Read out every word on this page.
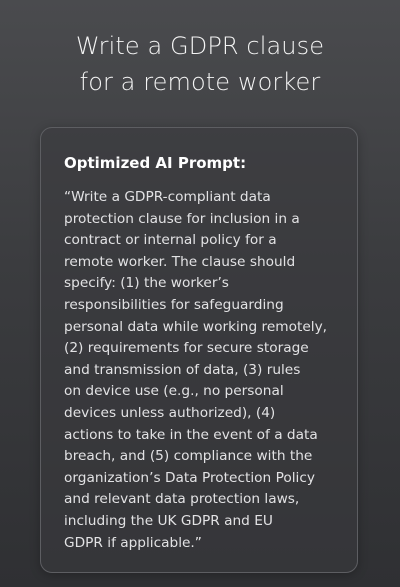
Write a GDPR clause
for a remote worker
Optimized AI Prompt:
“Write a GDPR-compliant data
protection clause for inclusion in a
contract or internal policy for a
remote worker. The clause should
specify: (1) the worker’s
responsibilities for safeguarding
personal data while working remotely,
(2) requirements for secure storage
and transmission of data, (3) rules
on device use (e.g., no personal
devices unless authorized), (4)
actions to take in the event of a data
breach, and (5) compliance with the
organization’s Data Protection Policy
and relevant data protection laws,
including the UK GDPR and EU
GDPR if applicable.”
